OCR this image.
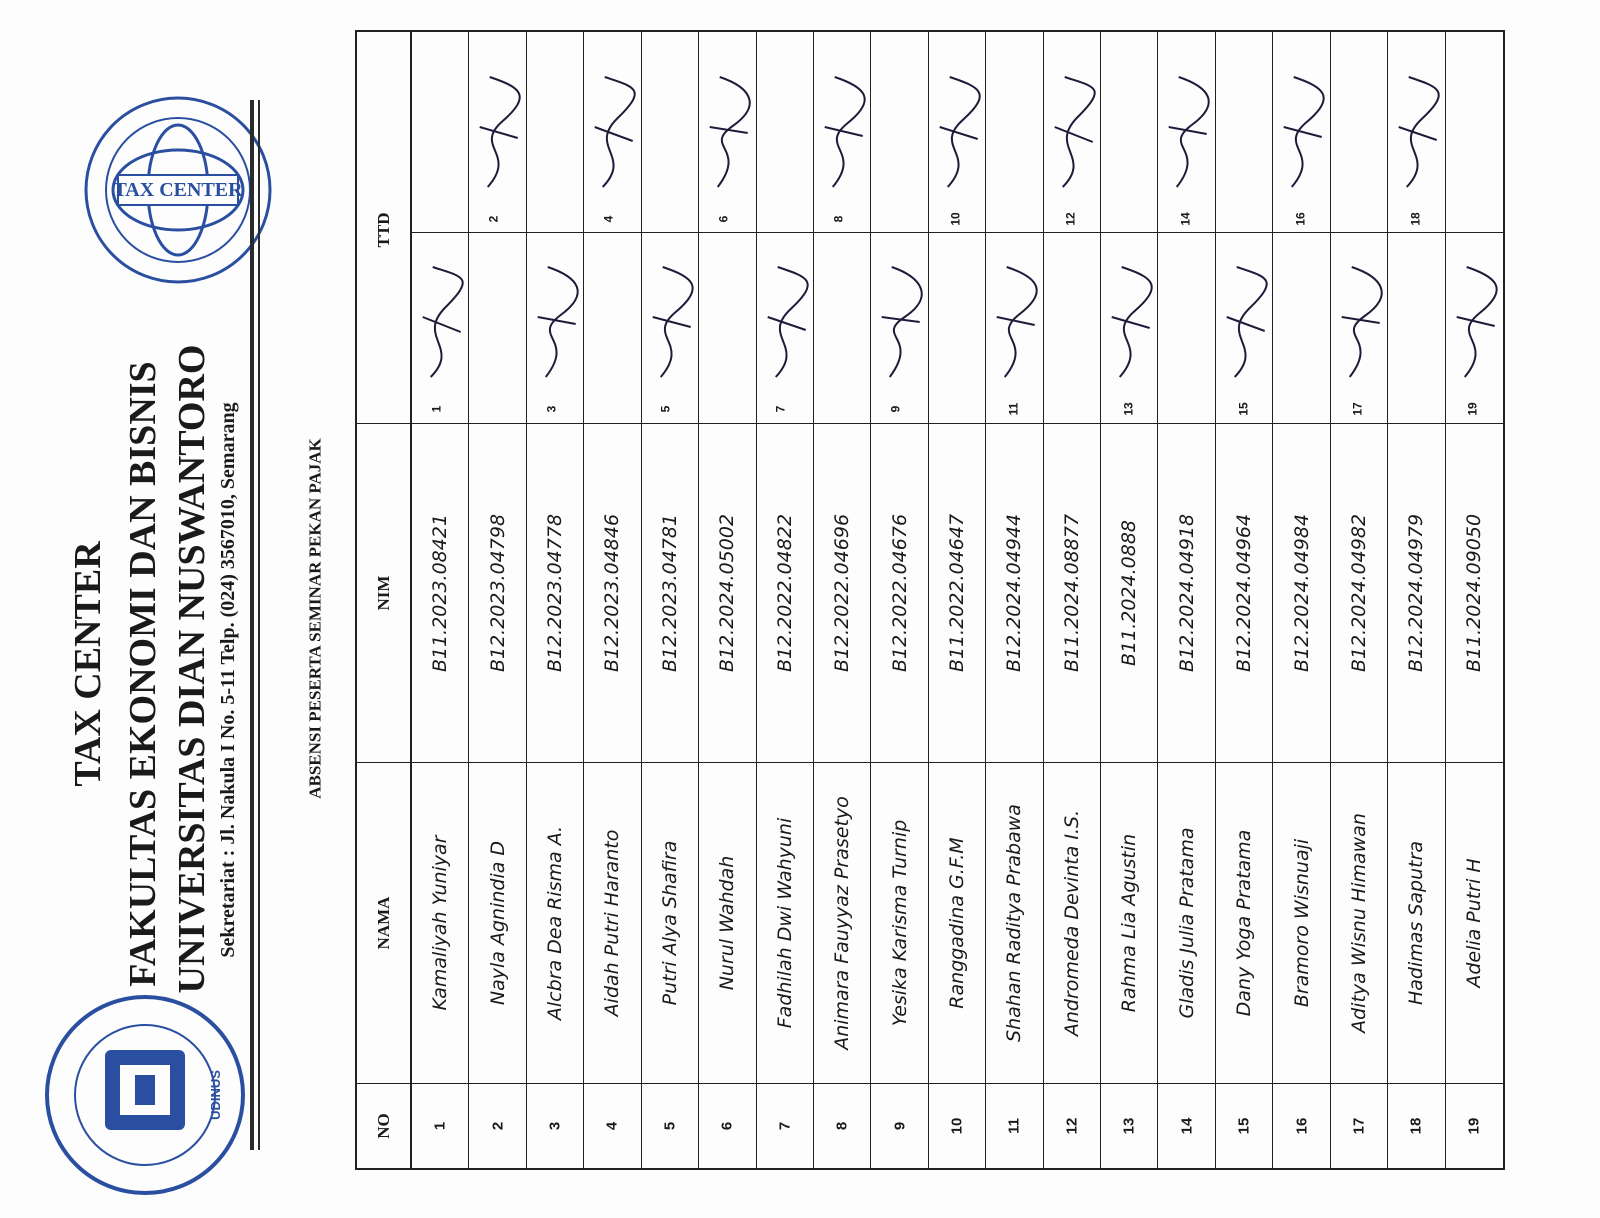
UDINUS
TAX CENTER
TAX CENTER FAKULTAS EKONOMI DAN BISNIS UNIVERSITAS DIAN NUSWANTORO Sekretariat : Jl. Nakula I No. 5-11 Telp. (024) 3567010, Semarang	ABSENSI PESERTA SEMINAR PEKAN PAJAK
TTD
NIM
NAMA
NO	1
Kamaliyah Yuniyar
B11.2023.08421
1
2
Nayla Agnindia D
B12.2023.04798
2
3
Alcbra Dea Risma A.
B12.2023.04778
3
4
Aidah Putri Haranto
B12.2023.04846
4
5
Putri Alya Shafira
B12.2023.04781
5
6
Nurul Wahdah
B12.2024.05002
6
7
Fadhilah Dwi Wahyuni
B12.2022.04822
7
8
Animara Fauyyaz Prasetyo
B12.2022.04696
8
9
Yesika Karisma Turnip
B12.2022.04676
9
10
Ranggadina G.F.M
B11.2022.04647
10
11
Shahan Raditya Prabawa
B12.2024.04944
11
12
Andromeda Devinta I.S.
B11.2024.08877
12
13
Rahma Lia Agustin
B11.2024.0888
13
14
Gladis Julia Pratama
B12.2024.04918
14
15
Dany Yoga Pratama
B12.2024.04964
15
16
Bramoro Wisnuaji
B12.2024.04984
16
17
Aditya Wisnu Himawan
B12.2024.04982
17
18
Hadimas Saputra
B12.2024.04979
18
19
Adelia Putri H
B11.2024.09050
19
